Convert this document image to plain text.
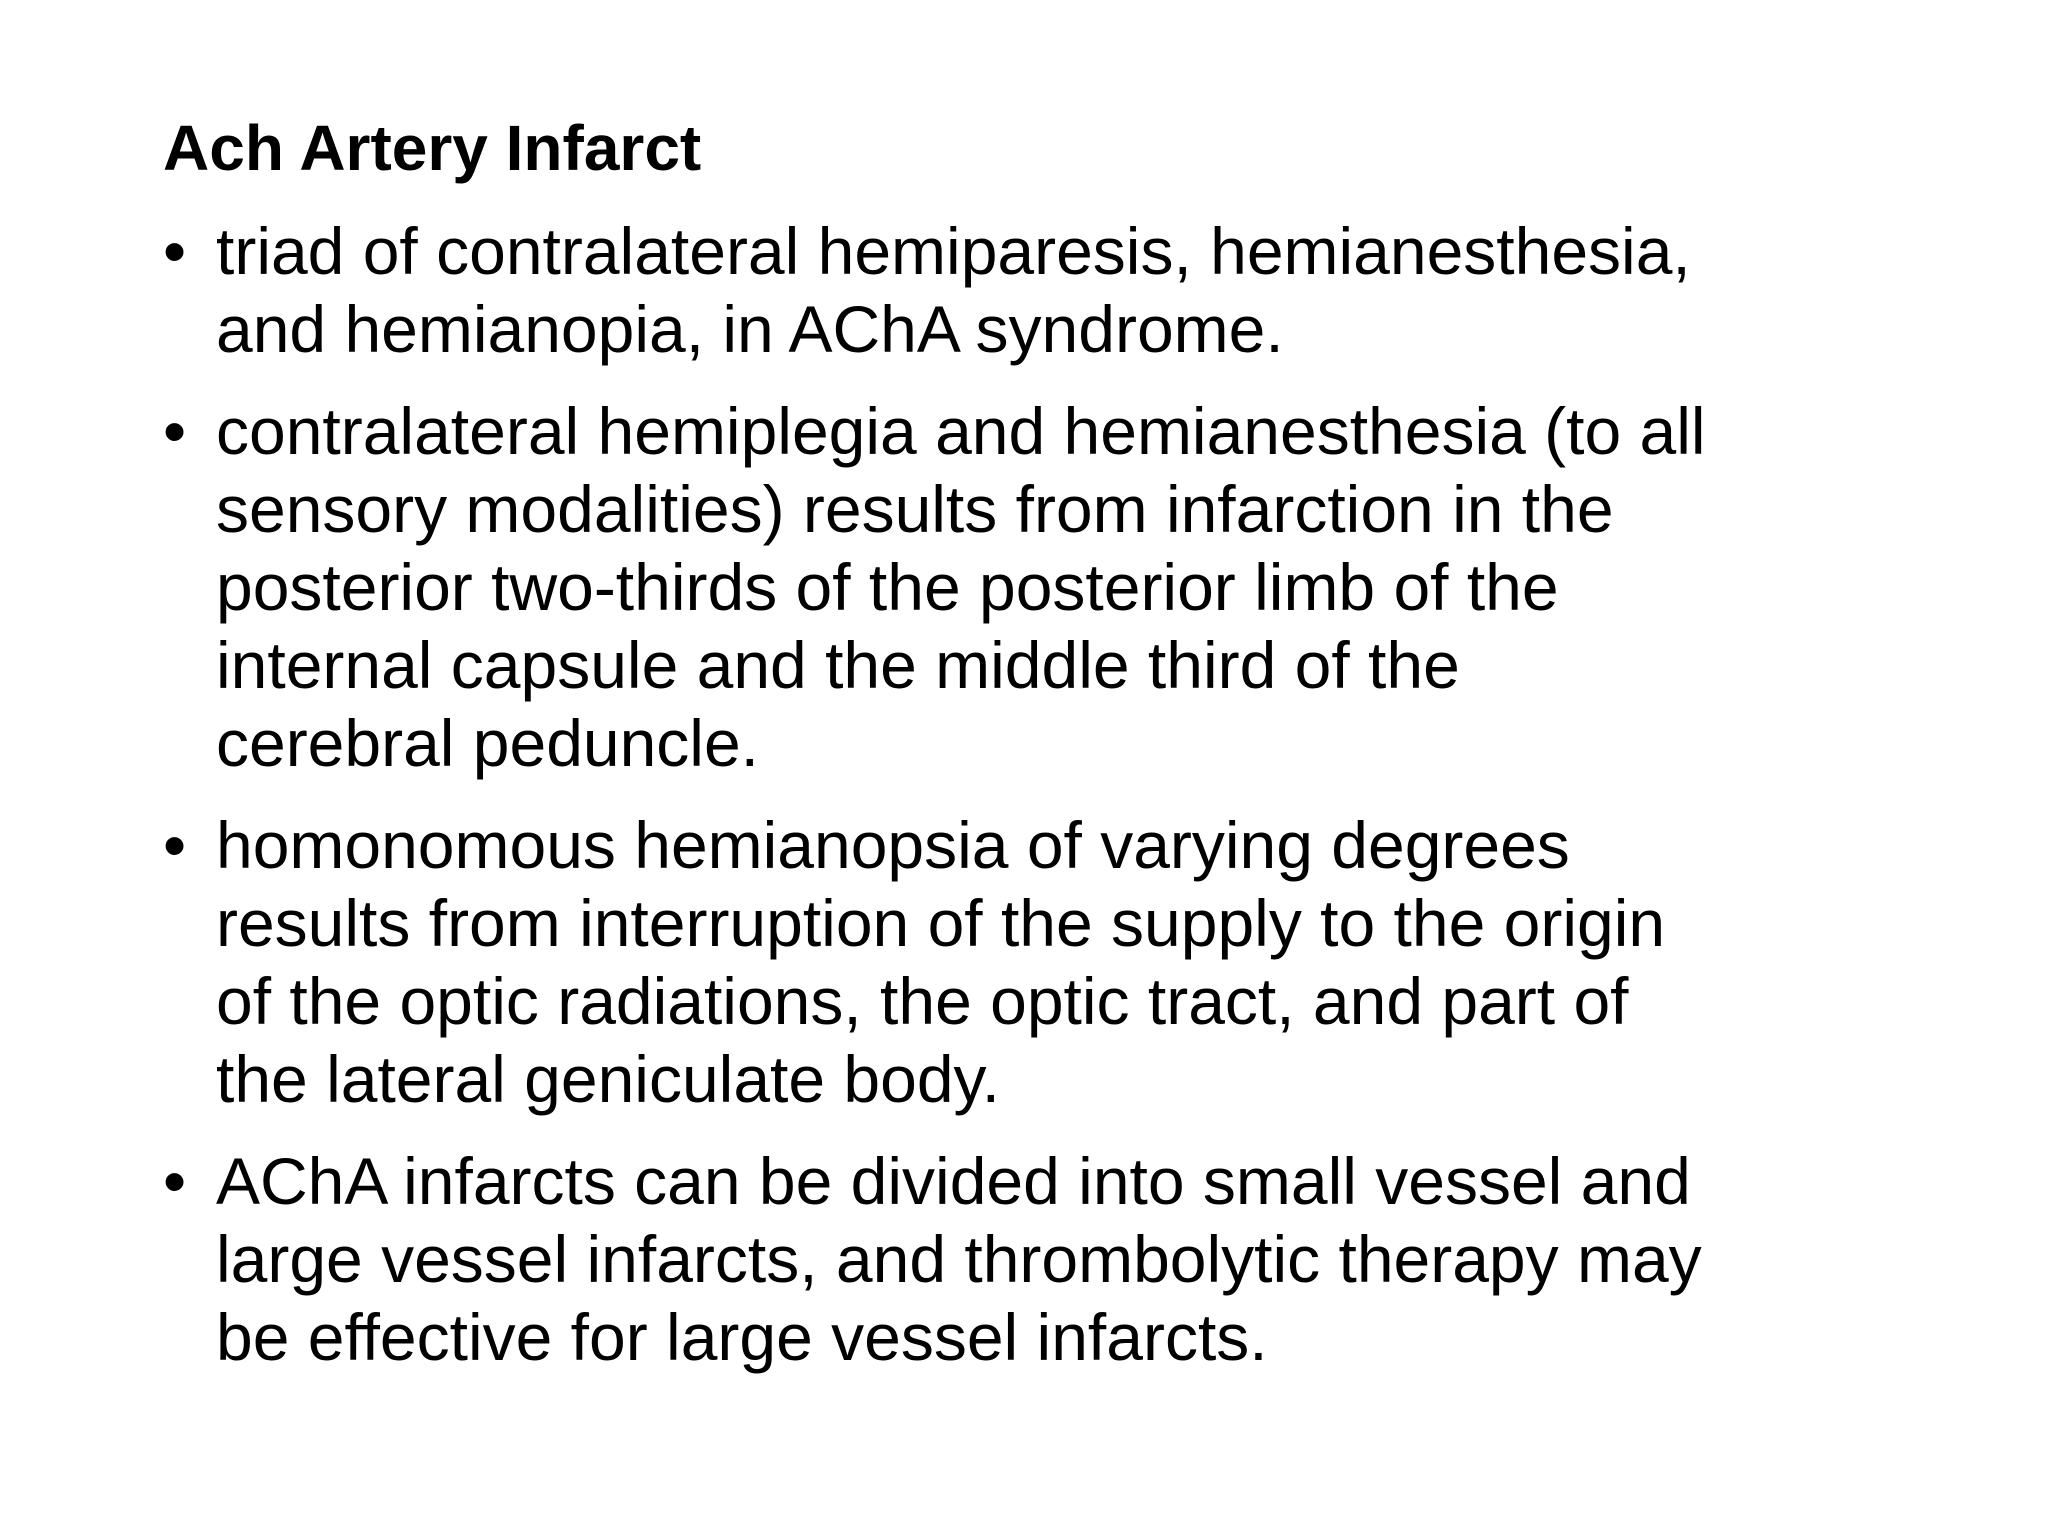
Ach Artery Infarct
• triad of contralateral hemiparesis, hemianesthesia,
and hemianopia, in AChA syndrome.
• contralateral hemiplegia and hemianesthesia (to all
sensory modalities) results from infarction in the
posterior two-thirds of the posterior limb of the
internal capsule and the middle third of the
cerebral peduncle.
• homonomous hemianopsia of varying degrees
results from interruption of the supply to the origin
of the optic radiations, the optic tract, and part of
the lateral geniculate body.
• AChA infarcts can be divided into small vessel and
large vessel infarcts, and thrombolytic therapy may
be effective for large vessel infarcts.
